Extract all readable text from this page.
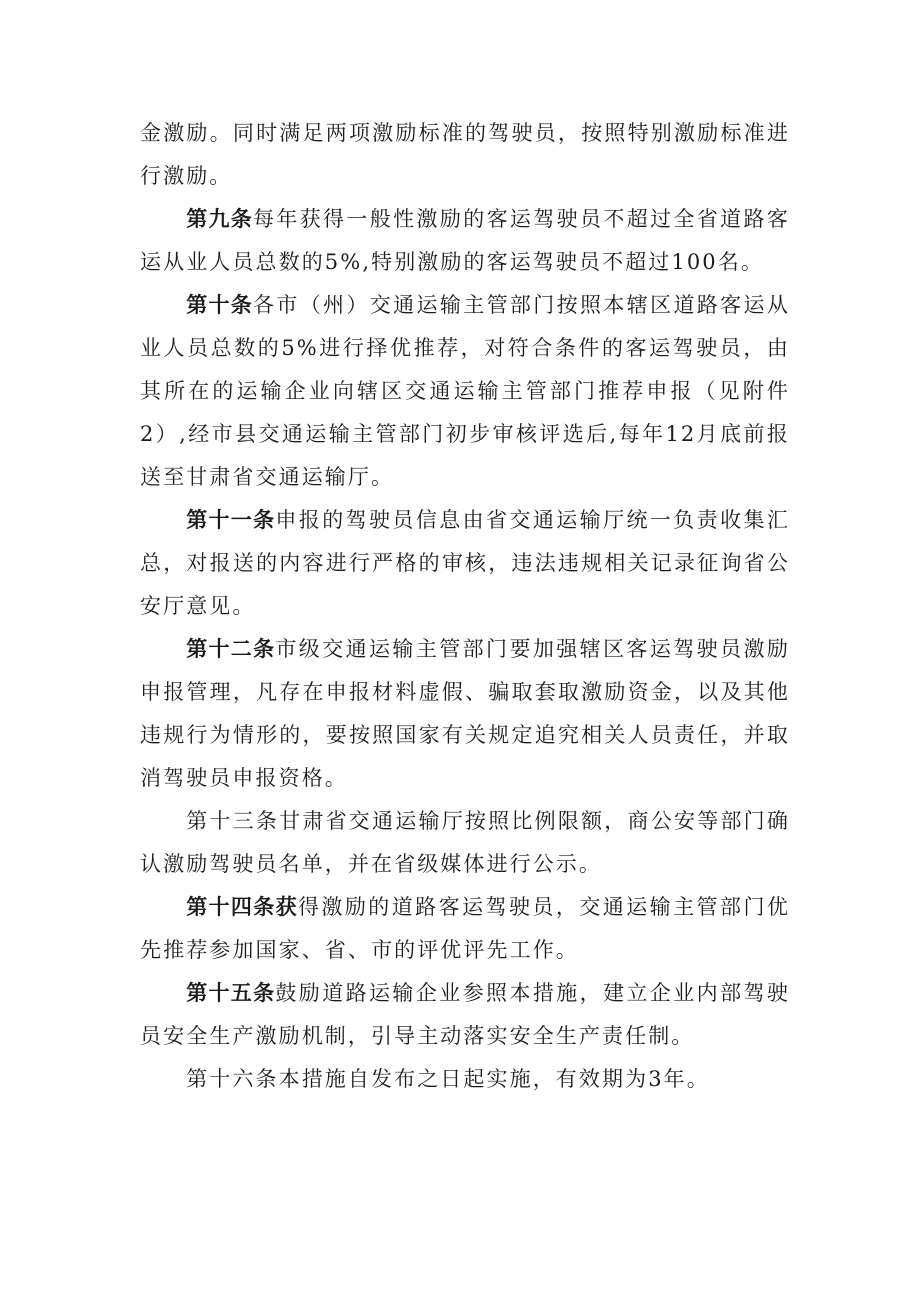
金激励。同时满足两项激励标准的驾驶员，按照特别激励标准进行激励。

第九条每年获得一般性激励的客运驾驶员不超过全省道路客运从业人员总数的5%,特别激励的客运驾驶员不超过100名。

第十条各市（州）交通运输主管部门按照本辖区道路客运从业人员总数的5%进行择优推荐，对符合条件的客运驾驶员，由其所在的运输企业向辖区交通运输主管部门推荐申报（见附件2）,经市县交通运输主管部门初步审核评选后,每年12月底前报送至甘肃省交通运输厅。

第十一条申报的驾驶员信息由省交通运输厅统一负责收集汇总，对报送的内容进行严格的审核，违法违规相关记录征询省公安厅意见。

第十二条市级交通运输主管部门要加强辖区客运驾驶员激励申报管理，凡存在申报材料虚假、骗取套取激励资金，以及其他违规行为情形的，要按照国家有关规定追究相关人员责任，并取消驾驶员申报资格。

第十三条甘肃省交通运输厅按照比例限额，商公安等部门确认激励驾驶员名单，并在省级媒体进行公示。

第十四条获得激励的道路客运驾驶员，交通运输主管部门优先推荐参加国家、省、市的评优评先工作。

第十五条鼓励道路运输企业参照本措施，建立企业内部驾驶员安全生产激励机制，引导主动落实安全生产责任制。

第十六条本措施自发布之日起实施，有效期为3年。
